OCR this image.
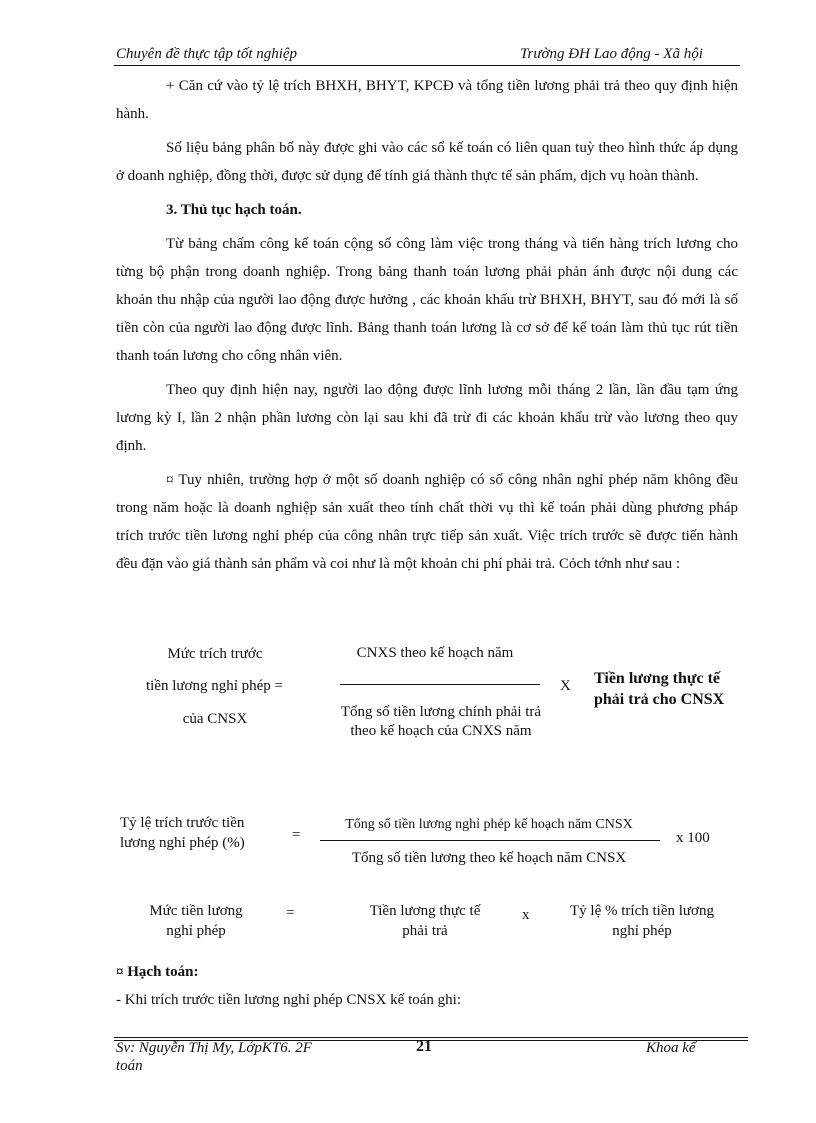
Chuyên đề thực tập tốt nghiệp	Trường ĐH Lao động - Xã hội

+ Căn cứ vào tỷ lệ trích BHXH, BHYT, KPCĐ và tổng tiền lương phải trả theo quy định hiện hành.

Số liệu bảng phân bổ này được ghi vào các sổ kế toán có liên quan tuỳ theo hình thức áp dụng ở doanh nghiệp, đồng thời, được sử dụng để tính giá thành thực tế sản phẩm, dịch vụ hoàn thành.

3. Thủ tục hạch toán.

Từ bảng chấm công kế toán cộng số công làm việc trong tháng và tiến hàng trích lương cho từng bộ phận trong doanh nghiệp. Trong bảng thanh toán lương phải phản ánh được nội dung các khoản thu nhập của người lao động được hưởng , các khoản khấu trừ BHXH, BHYT, sau đó mới là số tiền còn của người lao động được lĩnh. Bảng thanh toán lương là cơ sở để kế toán làm thủ tục rút tiền thanh toán lương cho công nhân viên.

Theo quy định hiện nay, người lao động được lĩnh lương mỗi tháng 2 lần, lần đầu tạm ứng lương kỳ I, lần 2 nhận phần lương còn lại sau khi đã trừ đi các khoản khấu trừ vào lương theo quy định.

¤ Tuy nhiên, trường hợp ở một số doanh nghiệp có số công nhân nghỉ phép năm không đều trong năm hoặc là doanh nghiệp sản xuất theo tính chất thời vụ thì kế toán phải dùng phương pháp trích trước tiền lương nghỉ phép của công nhân trực tiếp sản xuất. Việc trích trước sẽ được tiến hành đều đặn vào giá thành sản phẩm và coi như là một khoản chi phí phải trả. Cỏch tớnh như sau :

Mức trích trước
tiền lương nghỉ phép =
của CNSX
CNXS theo kế hoạch năm
Tổng số tiền lương chính phải trả
theo kế hoạch của CNXS năm
X Tiền lương thực tế
phải trả cho CNSX
Tỷ lệ trích trước tiền
lương nghỉ phép (%)	=
Tổng số tiền lương nghỉ phép kế hoạch năm CNSX
Tổng số tiền lương theo kế hoạch năm CNSX
x 100
Mức tiền lương
nghỉ phép
=	Tiền lương thực tế
phải trả
x	Tỷ lệ % trích tiền lương
nghỉ phép
¤ Hạch toán:
- Khi trích trước tiền lương nghỉ phép CNSX kế toán ghi:
Sv: Nguyễn Thị My, LớpKT6. 2F
toán
21	Khoa kế
